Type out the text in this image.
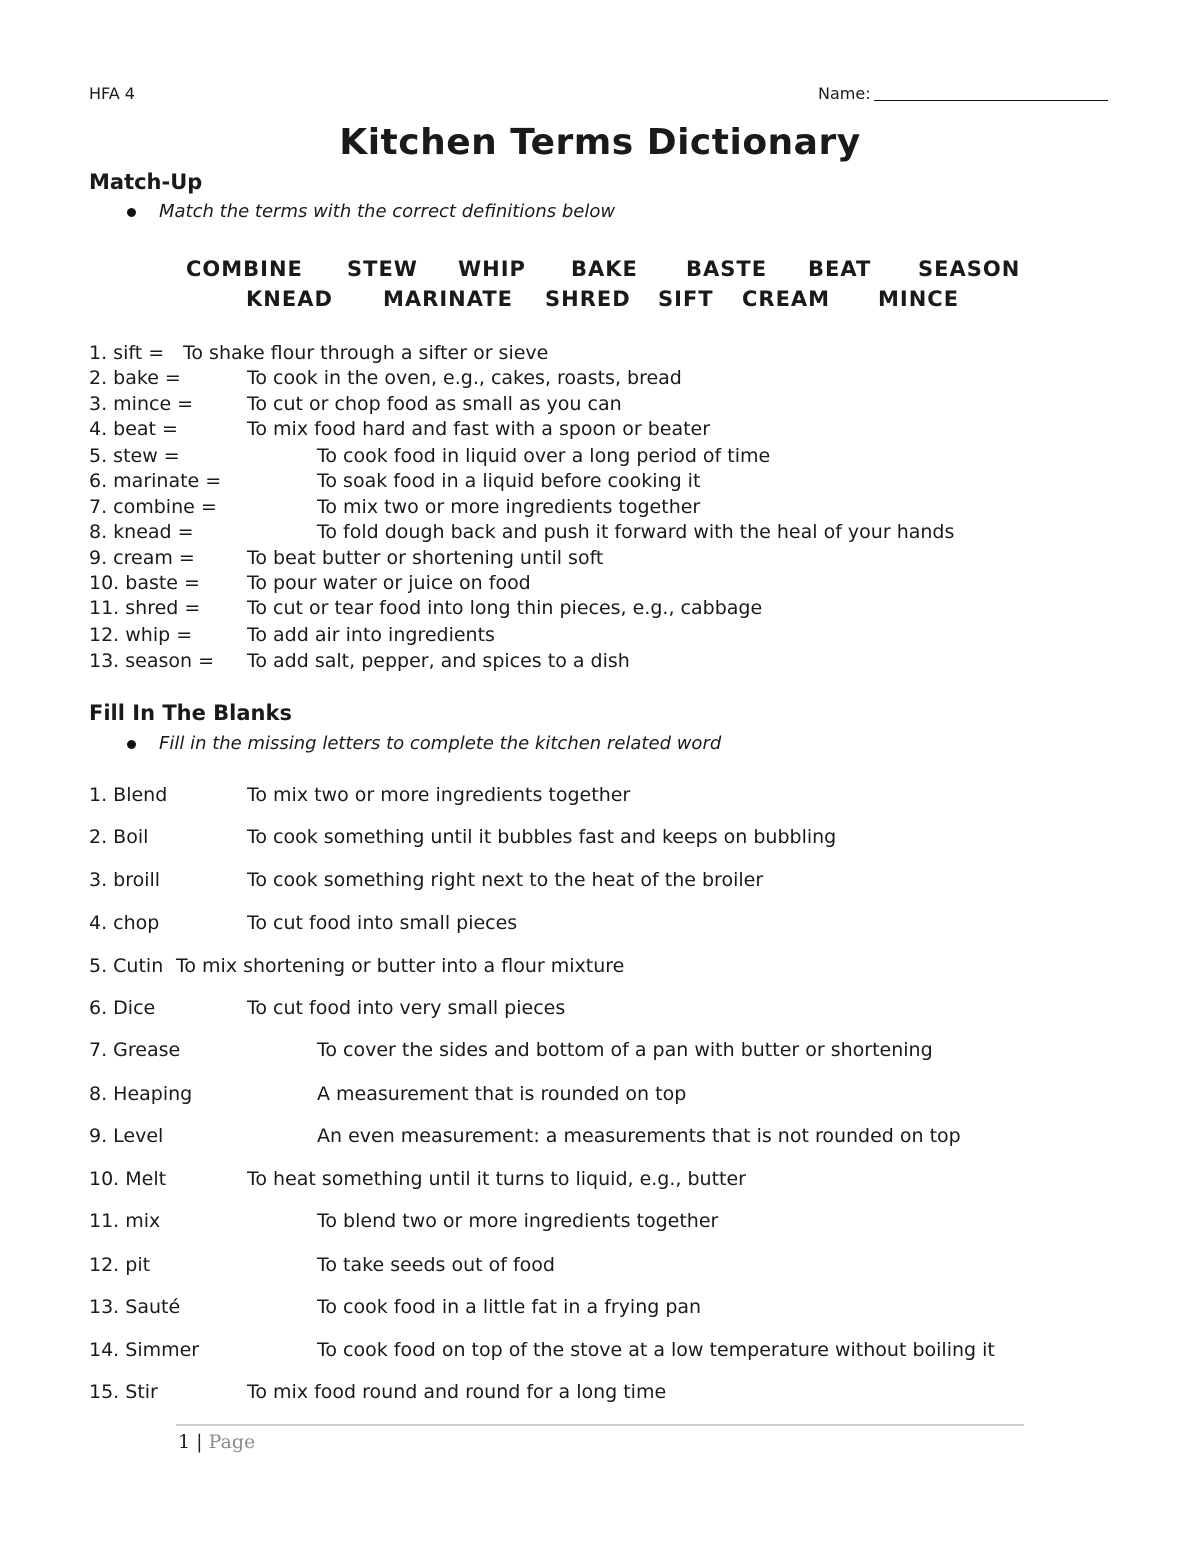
HFA 4	Name:
Kitchen Terms Dictionary
Match-Up
Match the terms with the correct definitions below
COMBINE STEW WHIP BAKE BASTE BEAT SEASON
KNEAD MARINATE SHRED SIFT CREAM MINCE
1. sift = To shake flour through a sifter or sieve
2. bake =	To cook in the oven, e.g., cakes, roasts, bread
3. mince =	To cut or chop food as small as you can
4. beat =	To mix food hard and fast with a spoon or beater
5. stew =	To cook food in liquid over a long period of time
6. marinate =	To soak food in a liquid before cooking it
7. combine =	To mix two or more ingredients together
8. knead =	To fold dough back and push it forward with the heal of your hands
9. cream =	To beat butter or shortening until soft
10. baste = To pour water or juice on food
11. shred = To cut or tear food into long thin pieces, e.g., cabbage
12. whip =	To add air into ingredients
13. season = To add salt, pepper, and spices to a dish
Fill In The Blanks
Fill in the missing letters to complete the kitchen related word
1. Blend	To mix two or more ingredients together
2. Boil	To cook something until it bubbles fast and keeps on bubbling
3. broill	To cook something right next to the heat of the broiler
4. chop	To cut food into small pieces
5. Cutin To mix shortening or butter into a flour mixture
6. Dice	To cut food into very small pieces
7. Grease	To cover the sides and bottom of a pan with butter or shortening
8. Heaping	A measurement that is rounded on top
9. Level	An even measurement: a measurements that is not rounded on top
10. Melt	To heat something until it turns to liquid, e.g., butter
11. mix	To blend two or more ingredients together
12. pit	To take seeds out of food
13. Sauté	To cook food in a little fat in a frying pan
14. Simmer	To cook food on top of the stove at a low temperature without boiling it
15. Stir	To mix food round and round for a long time
1 | Page
